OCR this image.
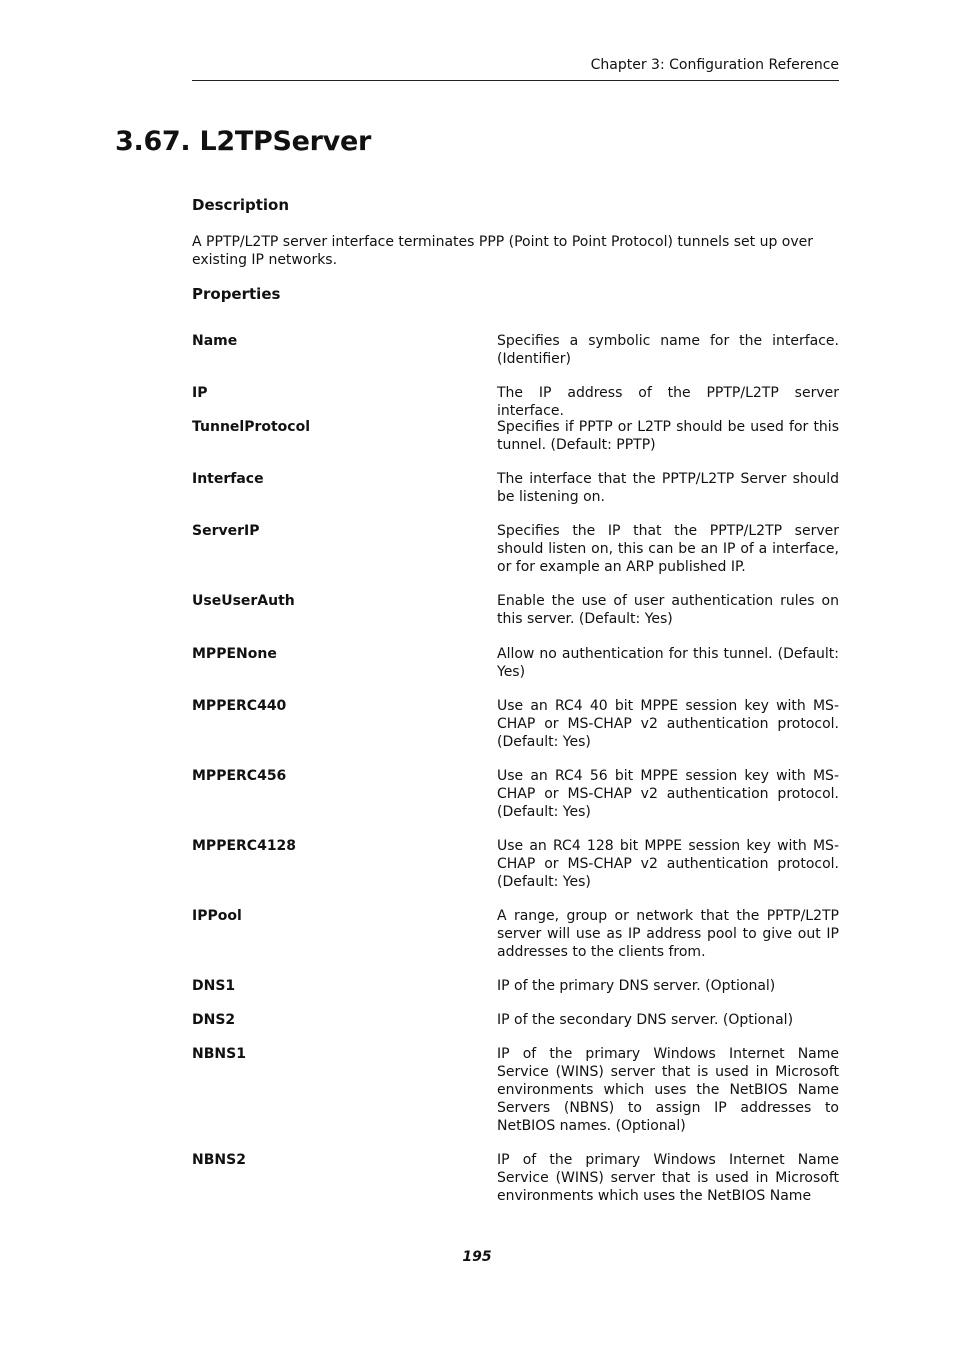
Chapter 3: Configuration Reference
3.67. L2TPServer
Description

A PPTP/L2TP server interface terminates PPP (Point to Point Protocol) tunnels set up over existing IP networks.

Properties
Name	Specifies a symbolic name for the interface. (Identifier)
IP	The IP address of the PPTP/L2TP server interface.
TunnelProtocol	Specifies if PPTP or L2TP should be used for this tunnel. (Default: PPTP)
Interface	The interface that the PPTP/L2TP Server should be listening on.
ServerIP	Specifies the IP that the PPTP/L2TP server should listen on, this can be an IP of a interface, or for example an ARP published IP.
UseUserAuth	Enable the use of user authentication rules on this server. (Default: Yes)
MPPENone	Allow no authentication for this tunnel. (Default: Yes)
MPPERC440	Use an RC4 40 bit MPPE session key with MS-CHAP or MS-CHAP v2 authentication protocol. (Default: Yes)
MPPERC456	Use an RC4 56 bit MPPE session key with MS-CHAP or MS-CHAP v2 authentication protocol. (Default: Yes)
MPPERC4128	Use an RC4 128 bit MPPE session key with MS-CHAP or MS-CHAP v2 authentication protocol. (Default: Yes)
IPPool	A range, group or network that the PPTP/L2TP server will use as IP address pool to give out IP addresses to the clients from.
DNS1	IP of the primary DNS server. (Optional)
DNS2	IP of the secondary DNS server. (Optional)
NBNS1	IP of the primary Windows Internet Name Service (WINS) server that is used in Microsoft environments which uses the NetBIOS Name Servers (NBNS) to assign IP addresses to NetBIOS names. (Optional)
NBNS2	IP of the primary Windows Internet Name Service (WINS) server that is used in Microsoft environments which uses the NetBIOS Name
195
